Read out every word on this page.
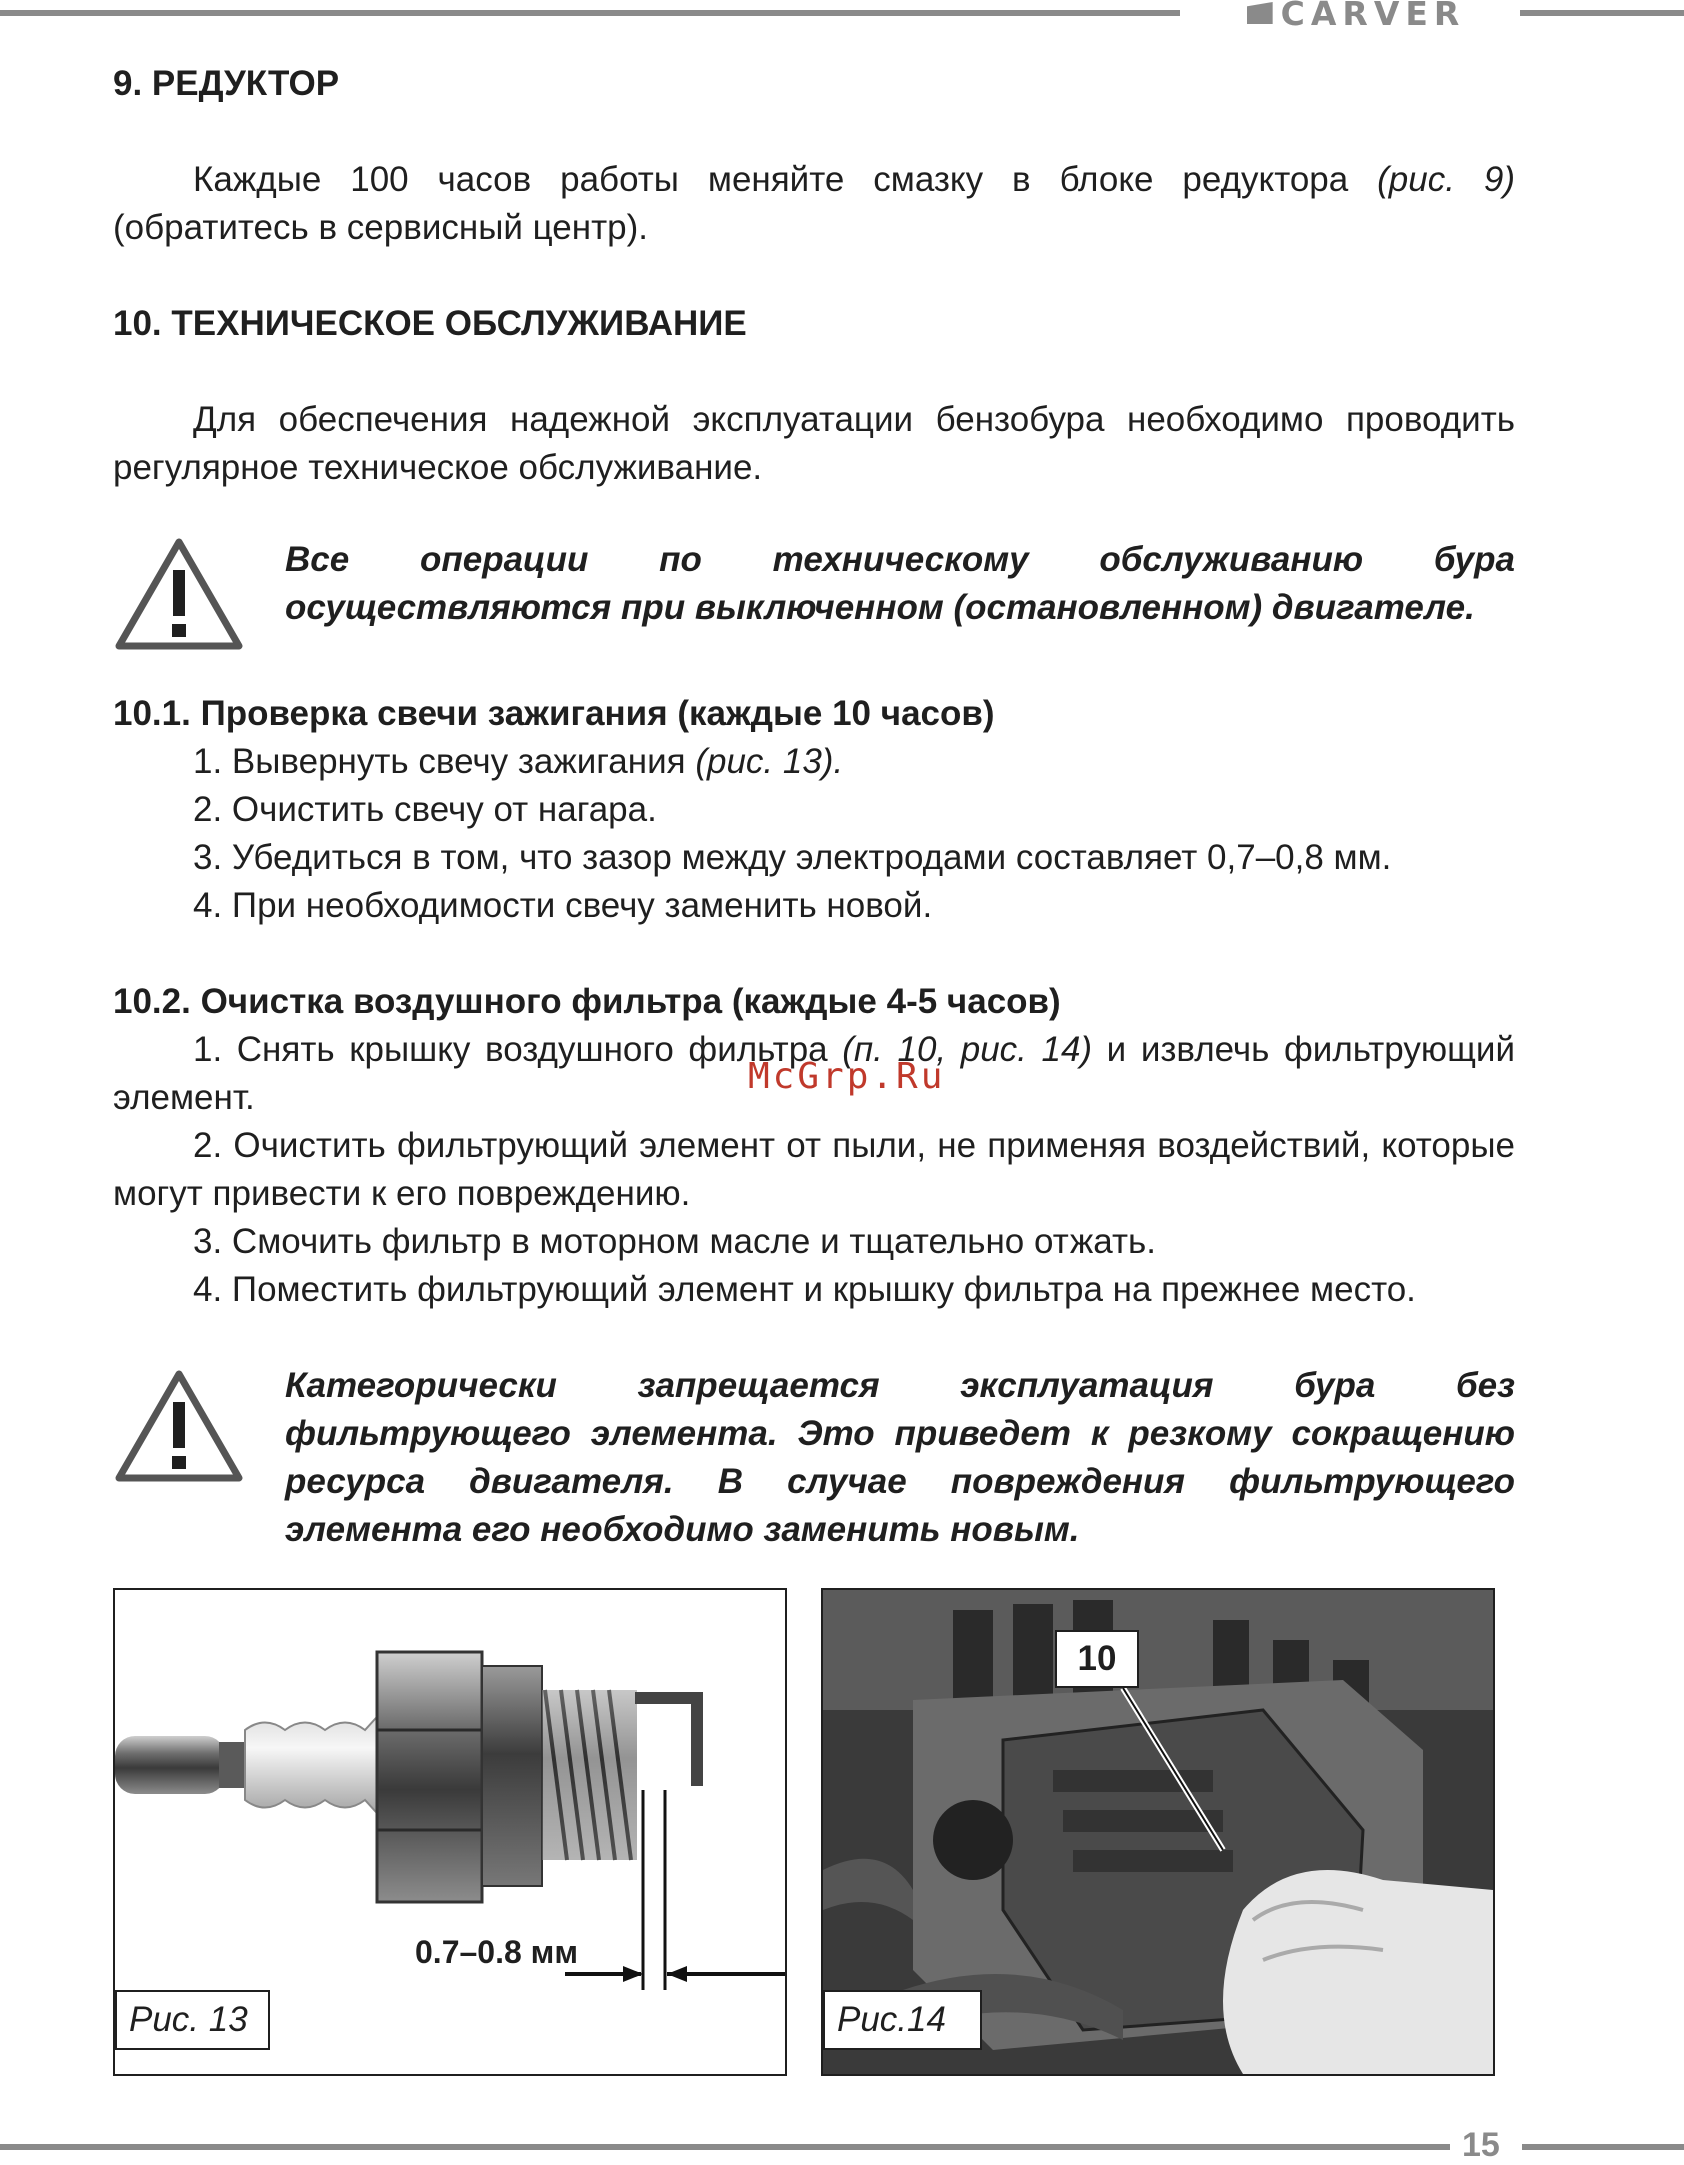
CARVER
9. РЕДУКТОР

Каждые 100 часов работы меняйте смазку в блоке редуктора (рис. 9) (обратитесь в сервисный центр).

10. ТЕХНИЧЕСКОЕ ОБСЛУЖИВАНИЕ

Для обеспечения надежной эксплуатации бензобура необходимо проводить регулярное техническое обслуживание.

Все операции по техническому обслуживанию бура осуществляются при выключенном (остановленном) двигателе.

10.1. Проверка свечи зажигания (каждые 10 часов)

1. Вывернуть свечу зажигания (рис. 13).

2. Очистить свечу от нагара.

3. Убедиться в том, что зазор между электродами составляет 0,7–0,8 мм.

4. При необходимости свечу заменить новой.

10.2. Очистка воздушного фильтра (каждые 4-5 часов)

1. Снять крышку воздушного фильтра (п. 10, рис. 14) и извлечь фильтрующий элемент.

2. Очистить фильтрующий элемент от пыли, не применяя воздействий, которые могут привести к его повреждению.

3. Смочить фильтр в моторном масле и тщательно отжать.

4. Поместить фильтрующий элемент и крышку фильтра на прежнее место.

Категорически запрещается эксплуатация бура без фильтрующего элемента. Это приведет к резкому сокращению ресурса двигателя. В случае повреждения фильтрующего элемента его необходимо заменить новым.

McGrp.Ru
0.7–0.8 мм
Рис. 13
10
Рис.14
15
